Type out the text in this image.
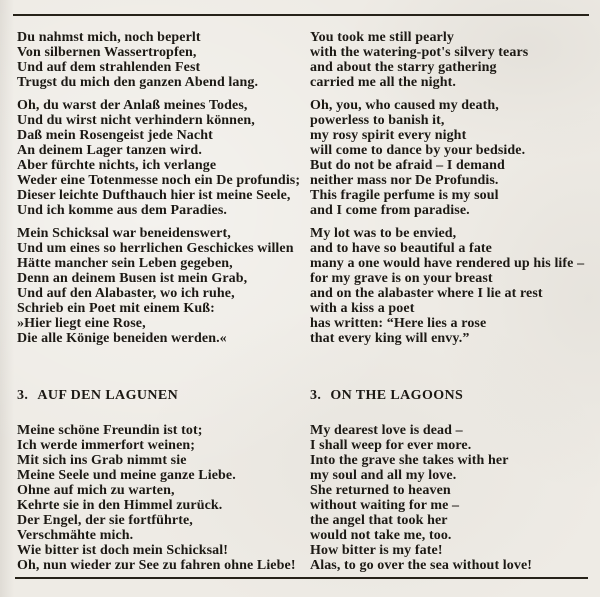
Du nahmst mich, noch beperlt
Von silbernen Wassertropfen,
Und auf dem strahlenden Fest
Trugst du mich den ganzen Abend lang.
Oh, du warst der Anlaß meines Todes,
Und du wirst nicht verhindern können,
Daß mein Rosengeist jede Nacht
An deinem Lager tanzen wird.
Aber fürchte nichts, ich verlange
Weder eine Totenmesse noch ein De profundis;
Dieser leichte Dufthauch hier ist meine Seele,
Und ich komme aus dem Paradies.
Mein Schicksal war beneidenswert,
Und um eines so herrlichen Geschickes willen
Hätte mancher sein Leben gegeben,
Denn an deinem Busen ist mein Grab,
Und auf den Alabaster, wo ich ruhe,
Schrieb ein Poet mit einem Kuß:
»Hier liegt eine Rose,
Die alle Könige beneiden werden.«
3. AUF DEN LAGUNEN
Meine schöne Freundin ist tot;
Ich werde immerfort weinen;
Mit sich ins Grab nimmt sie
Meine Seele und meine ganze Liebe.
Ohne auf mich zu warten,
Kehrte sie in den Himmel zurück.
Der Engel, der sie fortführte,
Verschmähte mich.
Wie bitter ist doch mein Schicksal!
Oh, nun wieder zur See zu fahren ohne Liebe!
You took me still pearly
with the watering-pot's silvery tears
and about the starry gathering
carried me all the night.
Oh, you, who caused my death,
powerless to banish it,
my rosy spirit every night
will come to dance by your bedside.
But do not be afraid – I demand
neither mass nor De Profundis.
This fragile perfume is my soul
and I come from paradise.
My lot was to be envied,
and to have so beautiful a fate
many a one would have rendered up his life –
for my grave is on your breast
and on the alabaster where I lie at rest
with a kiss a poet
has written: “Here lies a rose
that every king will envy.”
3. ON THE LAGOONS
My dearest love is dead –
I shall weep for ever more.
Into the grave she takes with her
my soul and all my love.
She returned to heaven
without waiting for me –
the angel that took her
would not take me, too.
How bitter is my fate!
Alas, to go over the sea without love!
